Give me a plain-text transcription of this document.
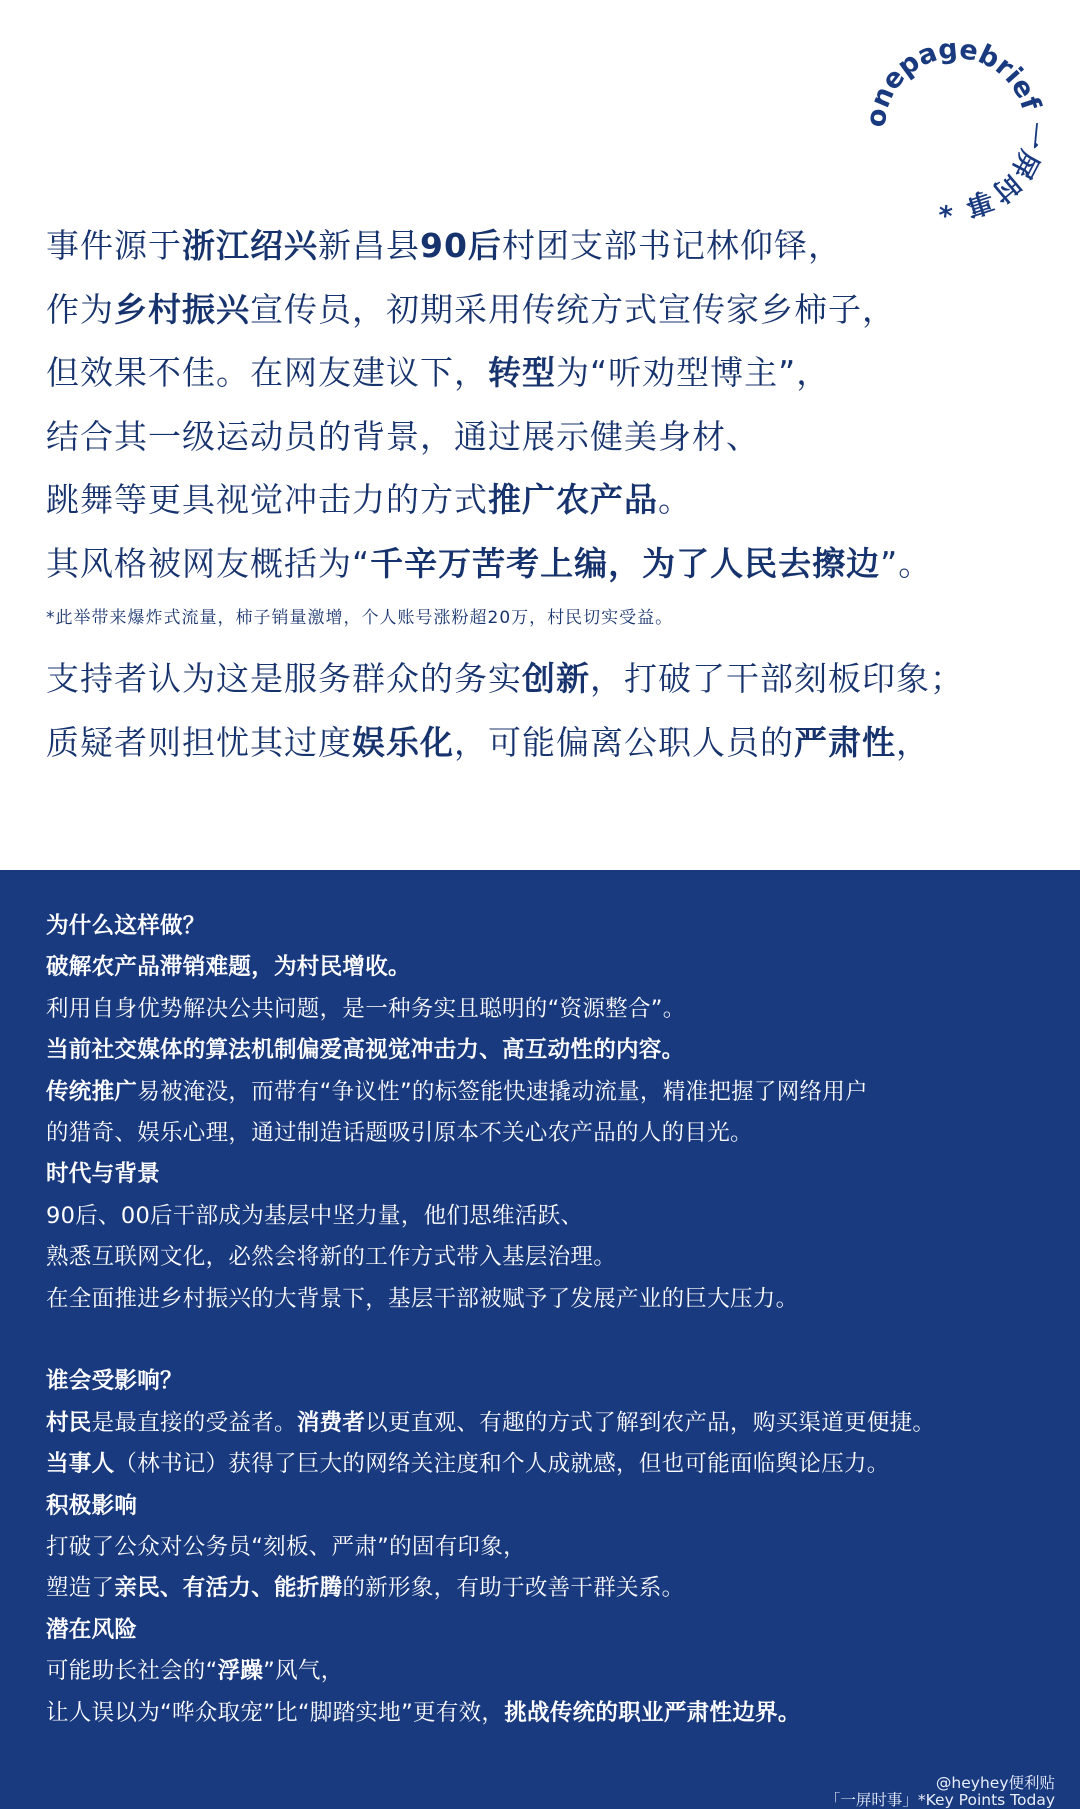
onepagebrief 一屏时事 *
事件源于浙江绍兴新昌县90后村团支部书记林仰铎，
作为乡村振兴宣传员，初期采用传统方式宣传家乡柿子，
但效果不佳。在网友建议下，转型为“听劝型博主”，
结合其一级运动员的背景，通过展示健美身材、
跳舞等更具视觉冲击力的方式推广农产品。
其风格被网友概括为“千辛万苦考上编，为了人民去擦边”。
*此举带来爆炸式流量，柿子销量激增，个人账号涨粉超20万，村民切实受益。
支持者认为这是服务群众的务实创新，打破了干部刻板印象；
质疑者则担忧其过度娱乐化，可能偏离公职人员的严肃性，
为什么这样做？
破解农产品滞销难题，为村民增收。
利用自身优势解决公共问题，是一种务实且聪明的“资源整合”。
当前社交媒体的算法机制偏爱高视觉冲击力、高互动性的内容。
传统推广易被淹没，而带有“争议性”的标签能快速撬动流量，精准把握了网络用户
的猎奇、娱乐心理，通过制造话题吸引原本不关心农产品的人的目光。
时代与背景
90后、00后干部成为基层中坚力量，他们思维活跃、
熟悉互联网文化，必然会将新的工作方式带入基层治理。
在全面推进乡村振兴的大背景下，基层干部被赋予了发展产业的巨大压力。
谁会受影响？
村民是最直接的受益者。消费者以更直观、有趣的方式了解到农产品，购买渠道更便捷。
当事人（林书记）获得了巨大的网络关注度和个人成就感，但也可能面临舆论压力。
积极影响
打破了公众对公务员“刻板、严肃”的固有印象，
塑造了亲民、有活力、能折腾的新形象，有助于改善干群关系。
潜在风险
可能助长社会的“浮躁”风气，
让人误以为“哗众取宠”比“脚踏实地”更有效，挑战传统的职业严肃性边界。
@heyhey便利贴
「一屏时事」*Key Points Today
